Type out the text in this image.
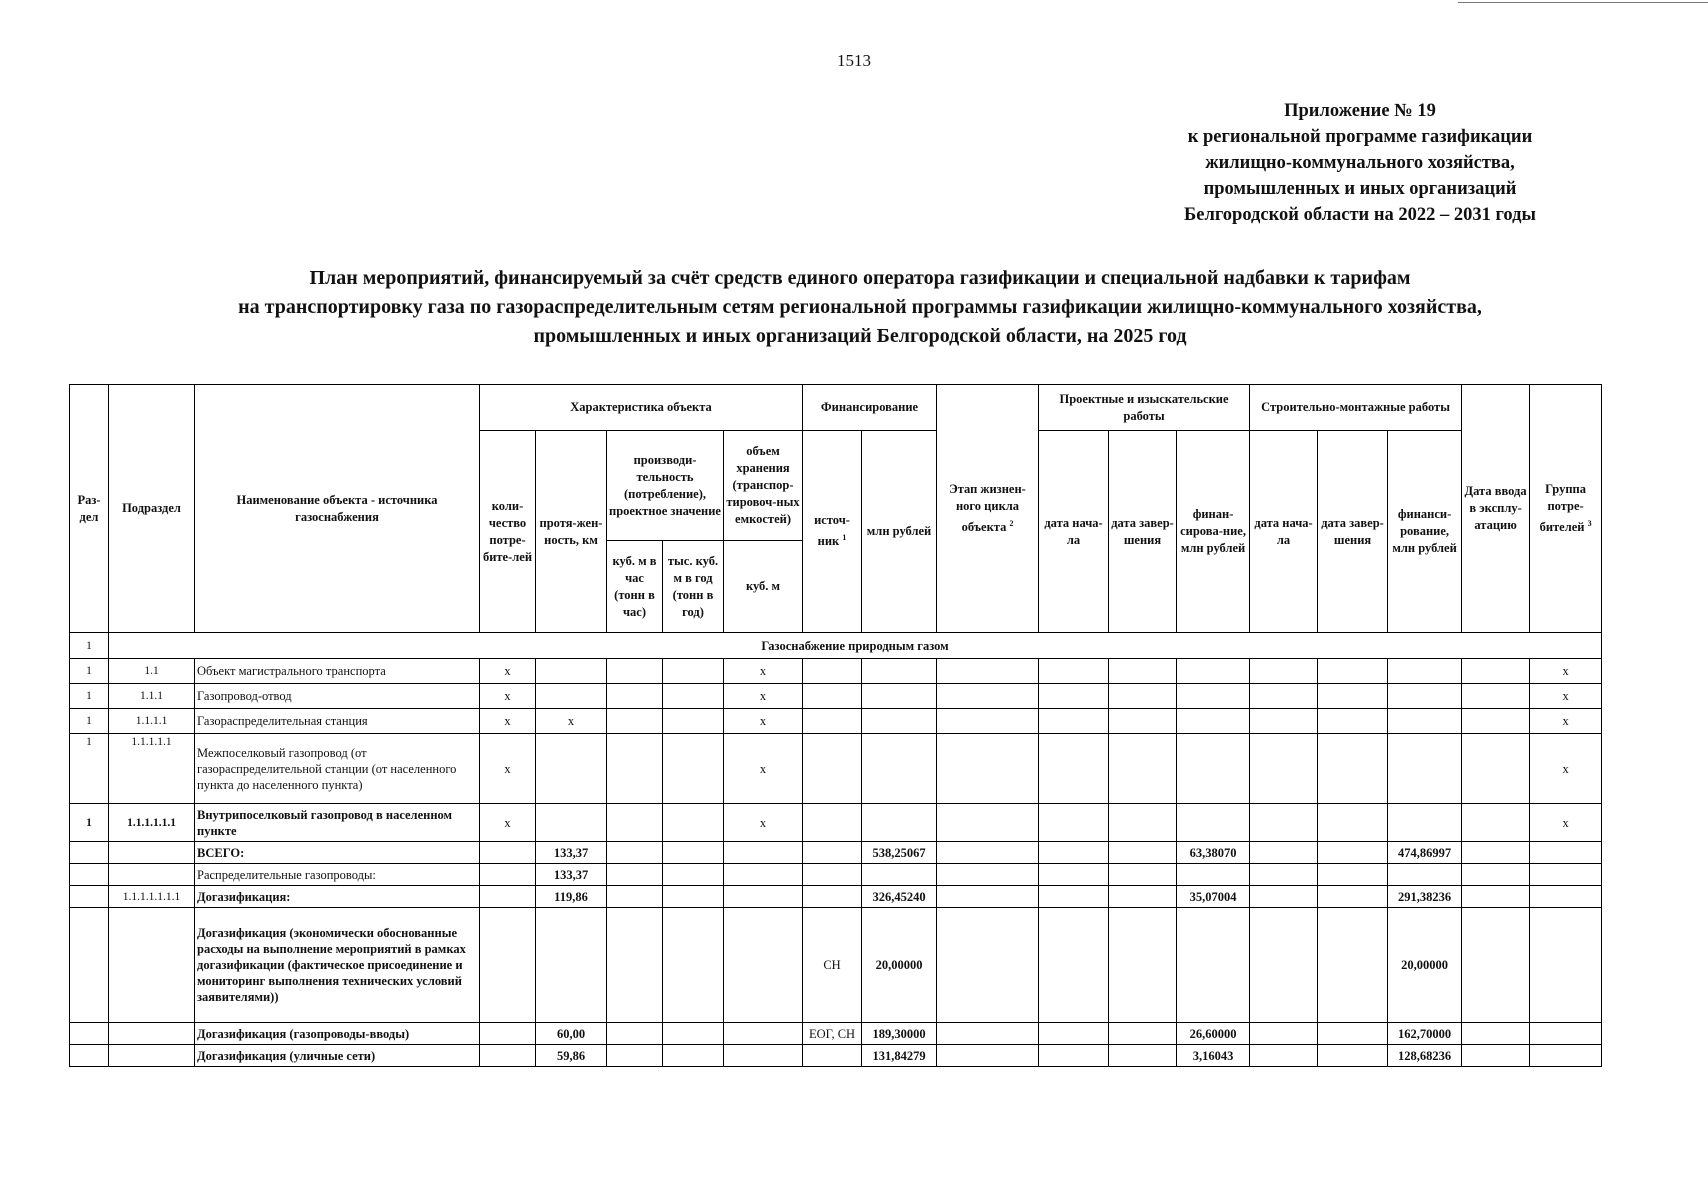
1513
Приложение № 19
к региональной программе газификации
жилищно-коммунального хозяйства,
промышленных и иных организаций
Белгородской области на 2022 – 2031 годы
План мероприятий, финансируемый за счёт средств единого оператора газификации и специальной надбавки к тарифам
на транспортировку газа по газораспределительным сетям региональной программы газификации жилищно-коммунального хозяйства,
промышленных и иных организаций Белгородской области, на 2025 год
Раз-дел	Подраздел	Наименование объекта - источника газоснабжения	Характеристика объекта					Финансирование		Этап жизнен-ного цикла объекта $^2$	Проектные и изыскательские работы			Строительно-монтажные работы			Дата ввода в эксплу-атацию	Группа потре-бителей $^3$
			коли-чество потре-бите-лей	протя-жен-ность, км	производи-тельность (потребление), проектное значение		объем хранения (транспор-тировоч-ных емкостей)	источ-ник $^1$	млн рублей		дата нача-ла	дата завер-шения	финан-сирова-ние, млн рублей	дата нача-ла	дата завер-шения	финанси-рование, млн рублей		
					куб. м в час (тонн в час)	тыс. куб. м в год (тонн в год)	куб. м											
1	Газоснабжение природным газом																	
1	1.1	Объект магистрального транспорта	x				x											x
1	1.1.1	Газопровод-отвод	x				x											x
1	1.1.1.1	Газораспределительная станция	x	x			x											x
1	1.1.1.1.1	Межпоселковый газопровод (от газораспределительной станции (от населенного пункта до населенного пункта)	x				x											x
1	1.1.1.1.1.1	Внутрипоселковый газопровод в населенном пункте	x				x											x
		ВСЕГО:		133,37					538,25067				63,38070			474,86997		
		Распределительные газопроводы:		133,37														
	1.1.1.1.1.1.1	Догазификация:		119,86					326,45240				35,07004			291,38236		
		Догазификация (экономически обоснованные расходы на выполнение мероприятий в рамках догазификации (фактическое присоединение и мониторинг выполнения технических условий заявителями))						СН	20,00000							20,00000		
		Догазификация (газопроводы-вводы)		60,00				ЕОГ, СН	189,30000				26,60000			162,70000		
		Догазификация (уличные сети)		59,86					131,84279				3,16043			128,68236		
